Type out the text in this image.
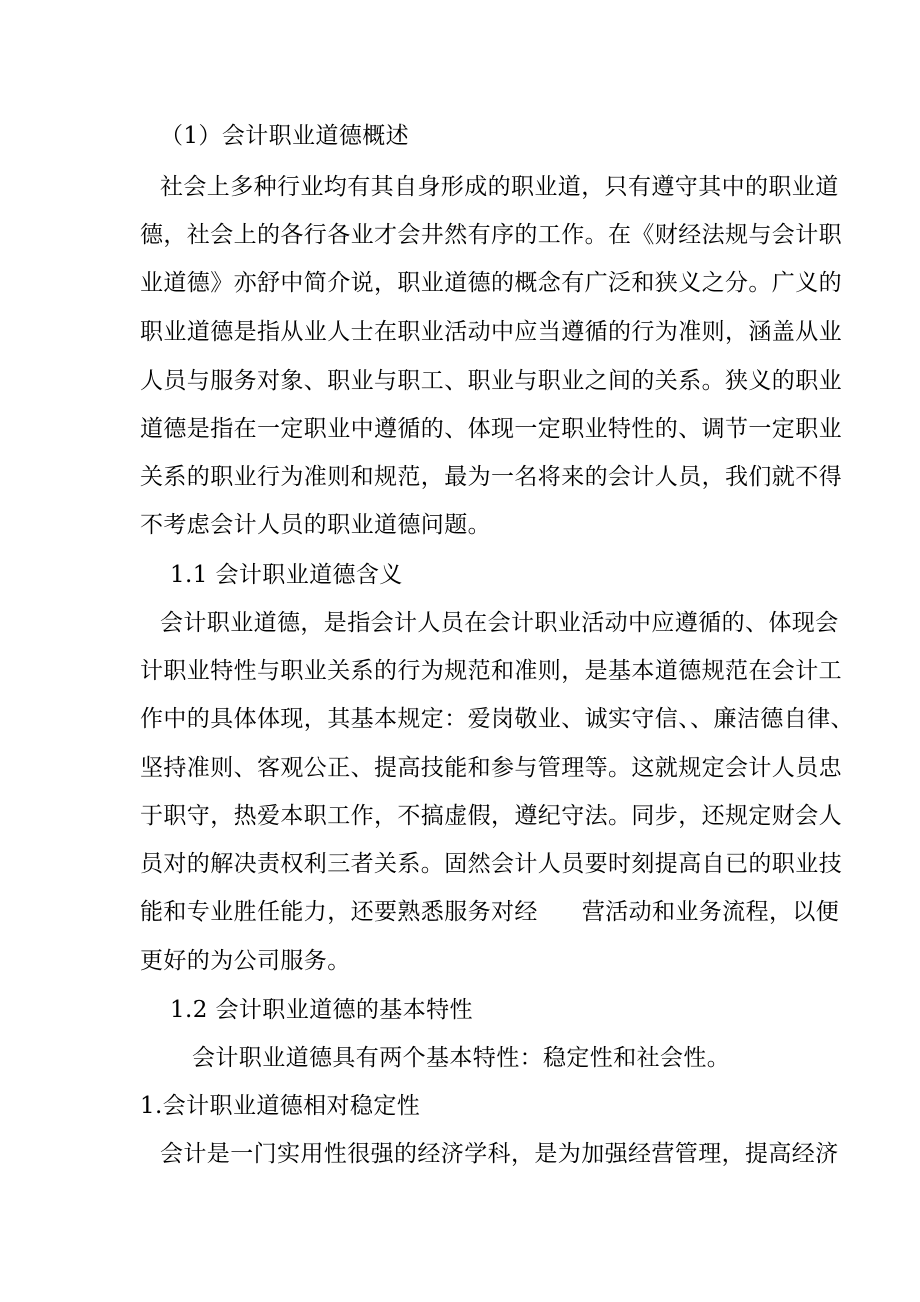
（1）会计职业道德概述
社会上多种行业均有其自身形成的职业道，只有遵守其中的职业道
德，社会上的各行各业才会井然有序的工作。在《财经法规与会计职
业道德》亦舒中简介说，职业道德的概念有广泛和狭义之分。广义的
职业道德是指从业人士在职业活动中应当遵循的行为准则，涵盖从业
人员与服务对象、职业与职工、职业与职业之间的关系。狭义的职业
道德是指在一定职业中遵循的、体现一定职业特性的、调节一定职业
关系的职业行为准则和规范，最为一名将来的会计人员，我们就不得
不考虑会计人员的职业道德问题。
1.1 会计职业道德含义
会计职业道德，是指会计人员在会计职业活动中应遵循的、体现会
计职业特性与职业关系的行为规范和准则，是基本道德规范在会计工
作中的具体体现，其基本规定：爱岗敬业、诚实守信、、廉洁德自律、
坚持准则、客观公正、提高技能和参与管理等。这就规定会计人员忠
于职守，热爱本职工作，不搞虚假，遵纪守法。同步，还规定财会人
员对的解决责权利三者关系。固然会计人员要时刻提高自已的职业技
能和专业胜任能力，还要熟悉服务对经 营活动和业务流程，以便
更好的为公司服务。
1.2 会计职业道德的基本特性
会计职业道德具有两个基本特性：稳定性和社会性。
1.会计职业道德相对稳定性
会计是一门实用性很强的经济学科，是为加强经营管理，提高经济
